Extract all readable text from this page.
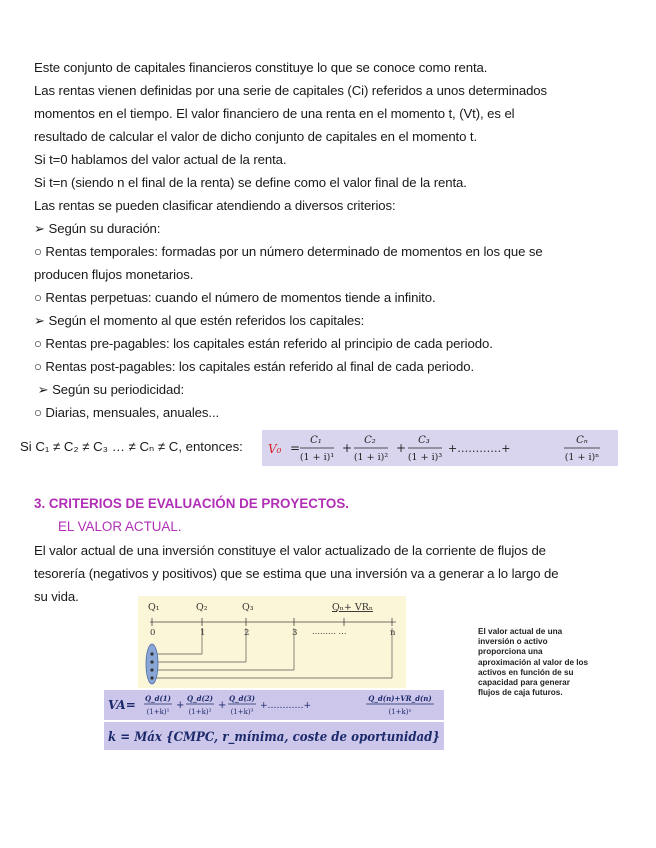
Este conjunto de capitales financieros constituye lo que se conoce como renta.
Las rentas vienen definidas por una serie de capitales (Ci) referidos a unos determinados
momentos en el tiempo. El valor financiero de una renta en el momento t, (Vt), es el
resultado de calcular el valor de dicho conjunto de capitales en el momento t.
Si t=0 hablamos del valor actual de la renta.
Si t=n (siendo n el final de la renta) se define como el valor final de la renta.
Las rentas se pueden clasificar atendiendo a diversos criterios:
➢ Según su duración:
○ Rentas temporales: formadas por un número determinado de momentos en los que se
producen flujos monetarios.
○ Rentas perpetuas: cuando el número de momentos tiende a infinito.
➢ Según el momento al que estén referidos los capitales:
○ Rentas pre-pagables: los capitales están referido al principio de cada periodo.
○ Rentas post-pagables: los capitales están referido al final de cada periodo.
➢ Según su periodicidad:
○ Diarias, mensuales, anuales...
Si C₁ ≠ C₂ ≠ C₃ … ≠ Cₙ ≠ C, entonces: V₀ =
C₁
(1 + i)¹
+
C₂
(1 + i)²
+
C₃
(1 + i)³
+…………+
Cₙ
(1 + i)ⁿ
3. CRITERIOS DE EVALUACIÓN DE PROYECTOS.
EL VALOR ACTUAL.
El valor actual de una inversión constituye el valor actualizado de la corriente de flujos de
tesorería (negativos y positivos) que se estima que una inversión va a generar a lo largo de
su vida.
Q₁	Q₂	Q₃	Qₙ+ VRₙ
0	1	2	3 ……… …	n	El valor actual de una
inversión o activo
proporciona una
aproximación al valor de los
activos en función de su
capacidad para generar
flujos de caja futuros.
VA= Q_d(1)
(1+k)¹
+
Q_d(2)
(1+k)²
+
Q_d(3)
(1+k)³
+…………+
Q_d(n)+VR_d(n)
(1+k)ⁿ
k = Máx {CMPC, r_mínima, coste de oportunidad}
